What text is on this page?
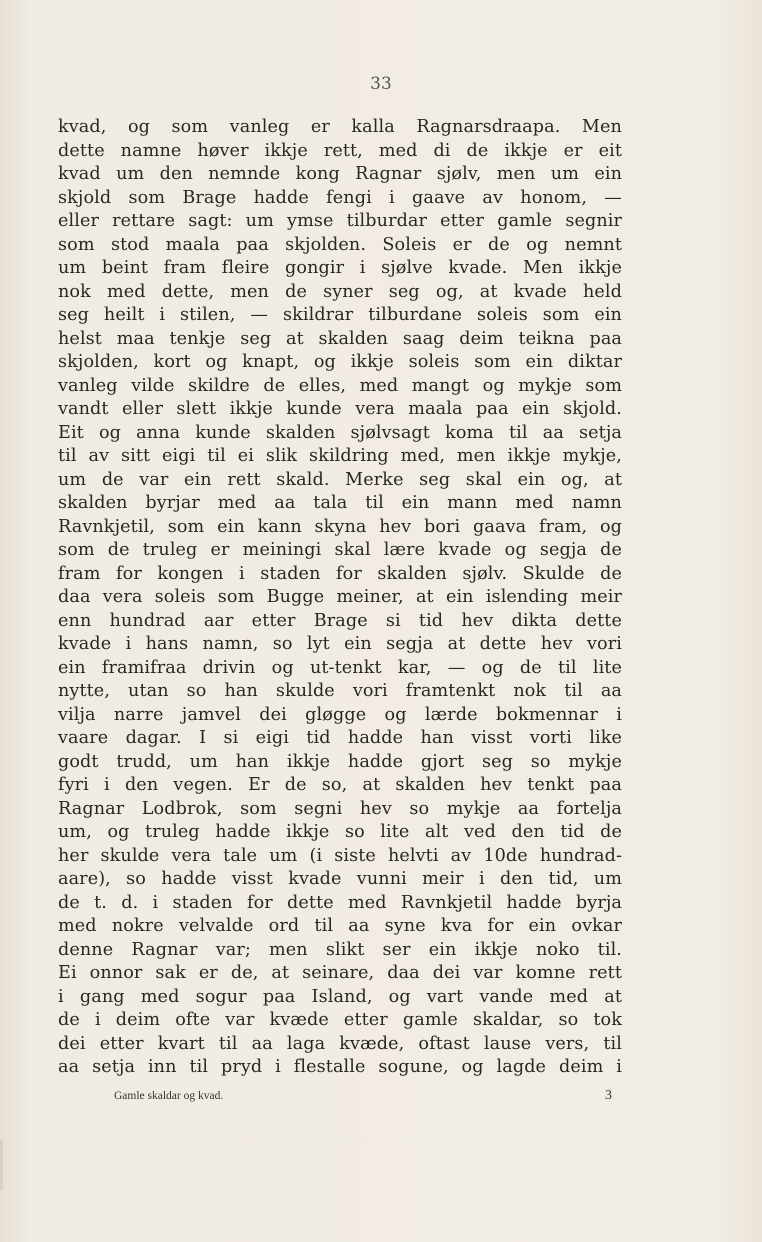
33
kvad, og som vanleg er kalla Ragnarsdraapa. Men
dette namne høver ikkje rett, med di de ikkje er eit
kvad um den nemnde kong Ragnar sjølv, men um ein
skjold som Brage hadde fengi i gaave av honom, —
eller rettare sagt: um ymse tilburdar etter gamle segnir
som stod maala paa skjolden. Soleis er de og nemnt
um beint fram fleire gongir i sjølve kvade. Men ikkje
nok med dette, men de syner seg og, at kvade held
seg heilt i stilen, — skildrar tilburdane soleis som ein
helst maa tenkje seg at skalden saag deim teikna paa
skjolden, kort og knapt, og ikkje soleis som ein diktar
vanleg vilde skildre de elles, med mangt og mykje som
vandt eller slett ikkje kunde vera maala paa ein skjold.
Eit og anna kunde skalden sjølvsagt koma til aa setja
til av sitt eigi til ei slik skildring med, men ikkje mykje,
um de var ein rett skald. Merke seg skal ein og, at
skalden byrjar med aa tala til ein mann med namn
Ravnkjetil, som ein kann skyna hev bori gaava fram, og
som de truleg er meiningi skal lære kvade og segja de
fram for kongen i staden for skalden sjølv. Skulde de
daa vera soleis som Bugge meiner, at ein islending meir
enn hundrad aar etter Brage si tid hev dikta dette
kvade i hans namn, so lyt ein segja at dette hev vori
ein framifraa drivin og ut-tenkt kar, — og de til lite
nytte, utan so han skulde vori framtenkt nok til aa
vilja narre jamvel dei gløgge og lærde bokmennar i
vaare dagar. I si eigi tid hadde han visst vorti like
godt trudd, um han ikkje hadde gjort seg so mykje
fyri i den vegen. Er de so, at skalden hev tenkt paa
Ragnar Lodbrok, som segni hev so mykje aa fortelja
um, og truleg hadde ikkje so lite alt ved den tid de
her skulde vera tale um (i siste helvti av 10de hundrad-
aare), so hadde visst kvade vunni meir i den tid, um
de t. d. i staden for dette med Ravnkjetil hadde byrja
med nokre velvalde ord til aa syne kva for ein ovkar
denne Ragnar var; men slikt ser ein ikkje noko til.
Ei onnor sak er de, at seinare, daa dei var komne rett
i gang med sogur paa Island, og vart vande med at
de i deim ofte var kvæde etter gamle skaldar, so tok
dei etter kvart til aa laga kvæde, oftast lause vers, til
aa setja inn til pryd i flestalle sogune, og lagde deim i
Gamle skaldar og kvad.	3
